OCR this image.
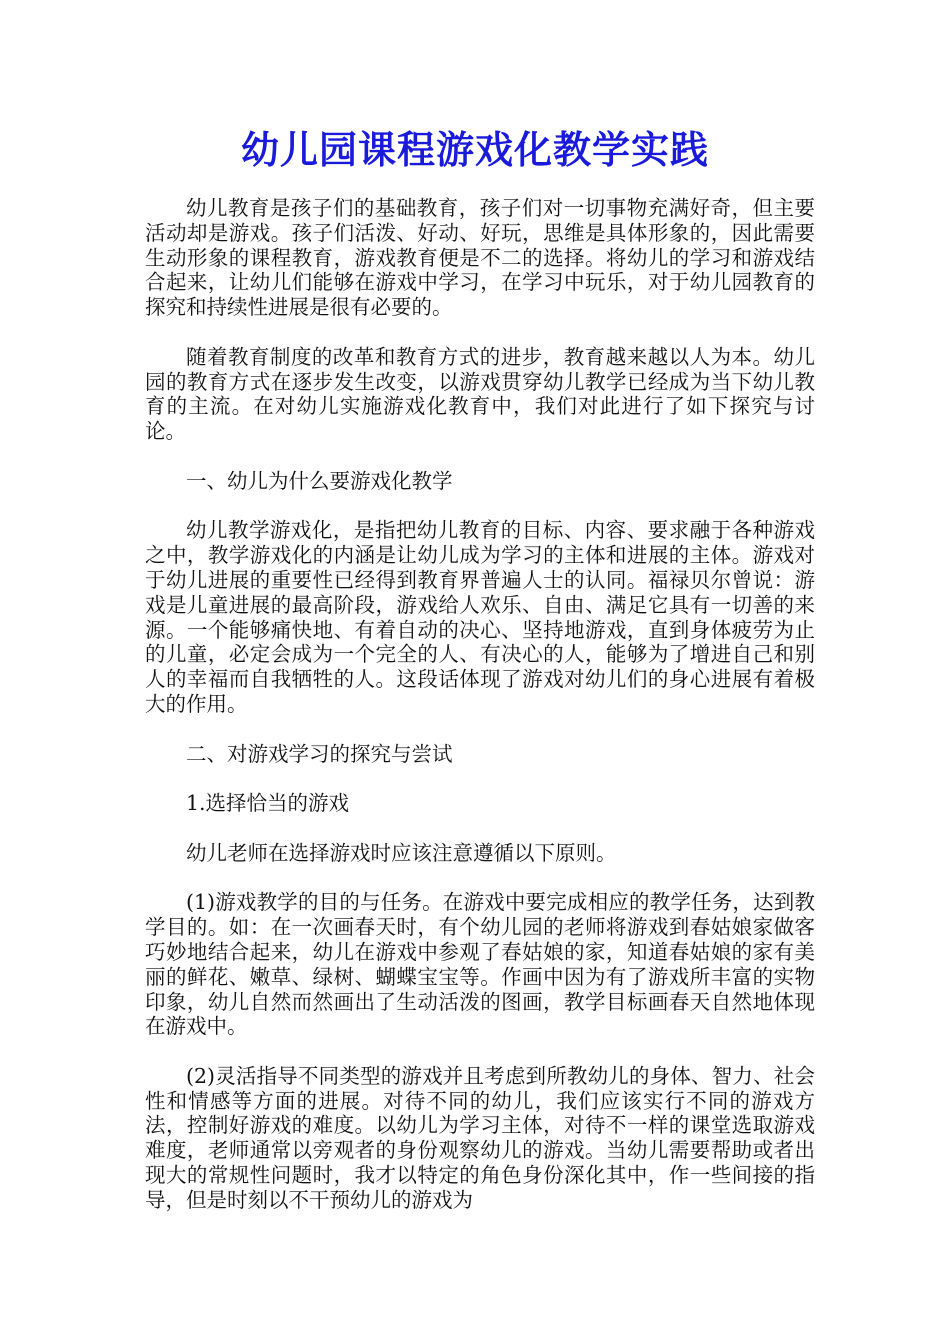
幼儿园课程游戏化教学实践

幼儿教育是孩子们的基础教育，孩子们对一切事物充满好奇，但主要活动却是游戏。孩子们活泼、好动、好玩，思维是具体形象的，因此需要生动形象的课程教育，游戏教育便是不二的选择。将幼儿的学习和游戏结合起来，让幼儿们能够在游戏中学习，在学习中玩乐，对于幼儿园教育的探究和持续性进展是很有必要的。

随着教育制度的改革和教育方式的进步，教育越来越以人为本。幼儿园的教育方式在逐步发生改变，以游戏贯穿幼儿教学已经成为当下幼儿教育的主流。在对幼儿实施游戏化教育中，我们对此进行了如下探究与讨论。

一、幼儿为什么要游戏化教学

幼儿教学游戏化，是指把幼儿教育的目标、内容、要求融于各种游戏之中，教学游戏化的内涵是让幼儿成为学习的主体和进展的主体。游戏对于幼儿进展的重要性已经得到教育界普遍人士的认同。福禄贝尔曾说：游戏是儿童进展的最高阶段，游戏给人欢乐、自由、满足它具有一切善的来源。一个能够痛快地、有着自动的决心、坚持地游戏，直到身体疲劳为止的儿童，必定会成为一个完全的人、有决心的人，能够为了增进自己和别人的幸福而自我牺牲的人。这段话体现了游戏对幼儿们的身心进展有着极大的作用。

二、对游戏学习的探究与尝试

1.选择恰当的游戏

幼儿老师在选择游戏时应该注意遵循以下原则。

(1)游戏教学的目的与任务。在游戏中要完成相应的教学任务，达到教学目的。如：在一次画春天时，有个幼儿园的老师将游戏到春姑娘家做客巧妙地结合起来，幼儿在游戏中参观了春姑娘的家，知道春姑娘的家有美丽的鲜花、嫩草、绿树、蝴蝶宝宝等。作画中因为有了游戏所丰富的实物印象，幼儿自然而然画出了生动活泼的图画，教学目标画春天自然地体现在游戏中。

(2)灵活指导不同类型的游戏并且考虑到所教幼儿的身体、智力、社会性和情感等方面的进展。对待不同的幼儿，我们应该实行不同的游戏方法，控制好游戏的难度。以幼儿为学习主体，对待不一样的课堂选取游戏难度，老师通常以旁观者的身份观察幼儿的游戏。当幼儿需要帮助或者出现大的常规性问题时，我才以特定的角色身份深化其中，作一些间接的指导，但是时刻以不干预幼儿的游戏为
